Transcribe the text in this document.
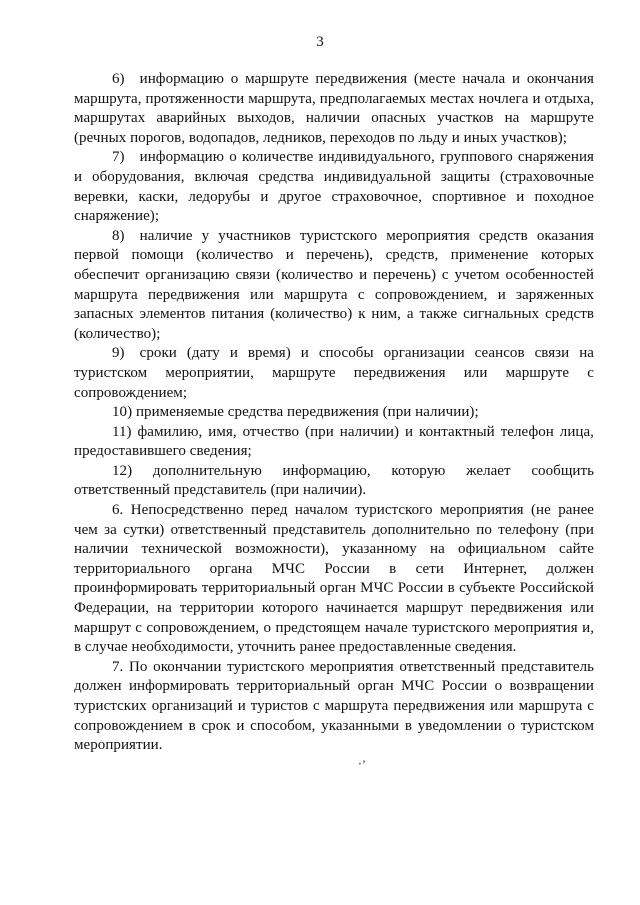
3

6) информацию о маршруте передвижения (месте начала и окончания маршрута, протяженности маршрута, предполагаемых местах ночлега и отдыха, маршрутах аварийных выходов, наличии опасных участков на маршруте (речных порогов, водопадов, ледников, переходов по льду и иных участков);

7) информацию о количестве индивидуального, группового снаряжения и оборудования, включая средства индивидуальной защиты (страховочные веревки, каски, ледорубы и другое страховочное, спортивное и походное снаряжение);

8) наличие у участников туристского мероприятия средств оказания первой помощи (количество и перечень), средств, применение которых обеспечит организацию связи (количество и перечень) с учетом особенностей маршрута передвижения или маршрута с сопровождением, и заряженных запасных элементов питания (количество) к ним, а также сигнальных средств (количество);

9) сроки (дату и время) и способы организации сеансов связи на туристском мероприятии, маршруте передвижения или маршруте с сопровождением;

10) применяемые средства передвижения (при наличии);

11) фамилию, имя, отчество (при наличии) и контактный телефон лица, предоставившего сведения;

12) дополнительную информацию, которую желает сообщить ответственный представитель (при наличии).

6. Непосредственно перед началом туристского мероприятия (не ранее чем за сутки) ответственный представитель дополнительно по телефону (при наличии технической возможности), указанному на официальном сайте территориального органа МЧС России в сети Интернет, должен проинформировать территориальный орган МЧС России в субъекте Российской Федерации, на территории которого начинается маршрут передвижения или маршрут с сопровождением, о предстоящем начале туристского мероприятия и, в случае необходимости, уточнить ранее предоставленные сведения.

7. По окончании туристского мероприятия ответственный представитель должен информировать территориальный орган МЧС России о возвращении туристских организаций и туристов с маршрута передвижения или маршрута с сопровождением в срок и способом, указанными в уведомлении о туристском мероприятии.

‧’
